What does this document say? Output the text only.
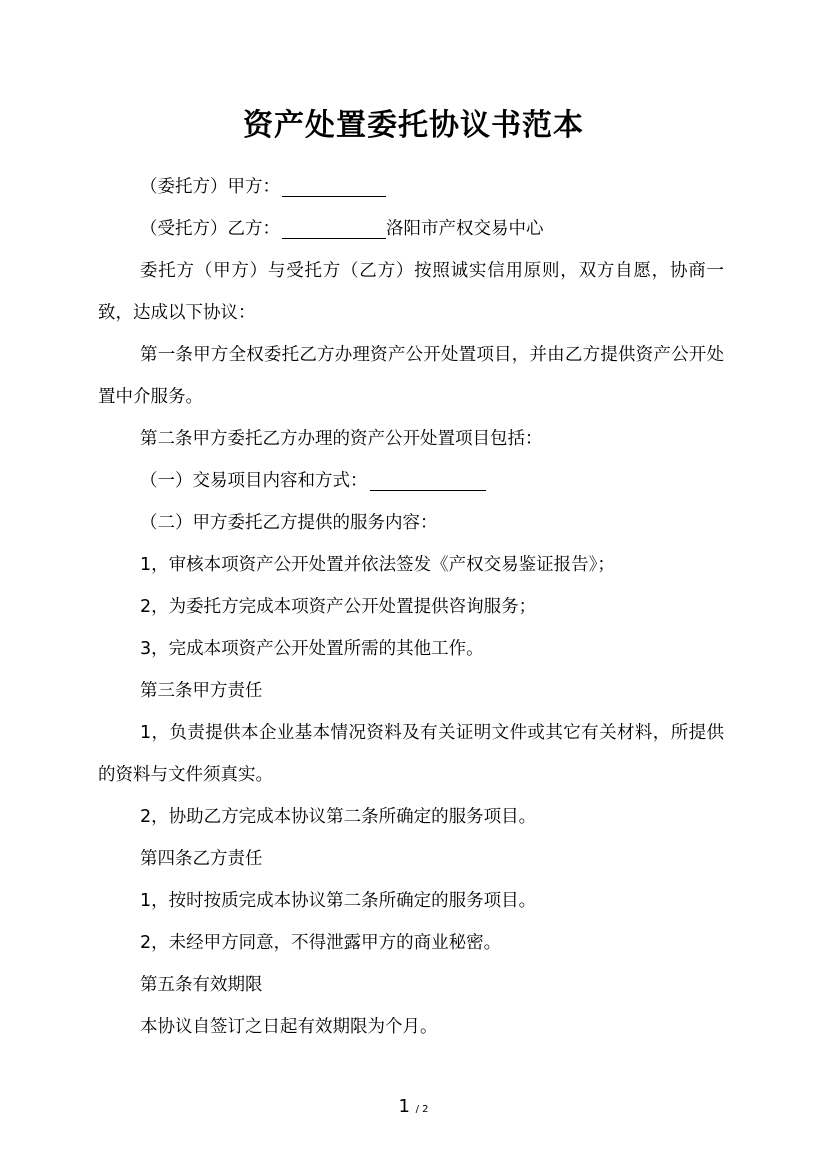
资产处置委托协议书范本

（委托方）甲方：

（受托方）乙方：	洛阳市产权交易中心

委托方（甲方）与受托方（乙方）按照诚实信用原则，双方自愿，协商一致，达成以下协议：

第一条甲方全权委托乙方办理资产公开处置项目，并由乙方提供资产公开处置中介服务。

第二条甲方委托乙方办理的资产公开处置项目包括：

（一）交易项目内容和方式：

（二）甲方委托乙方提供的服务内容：

1，审核本项资产公开处置并依法签发《产权交易鉴证报告》；

2，为委托方完成本项资产公开处置提供咨询服务；

3，完成本项资产公开处置所需的其他工作。

第三条甲方责任

1，负责提供本企业基本情况资料及有关证明文件或其它有关材料，所提供的资料与文件须真实。

2，协助乙方完成本协议第二条所确定的服务项目。

第四条乙方责任

1，按时按质完成本协议第二条所确定的服务项目。

2，未经甲方同意，不得泄露甲方的商业秘密。

第五条有效期限

本协议自签订之日起有效期限为个月。

1 / 2
